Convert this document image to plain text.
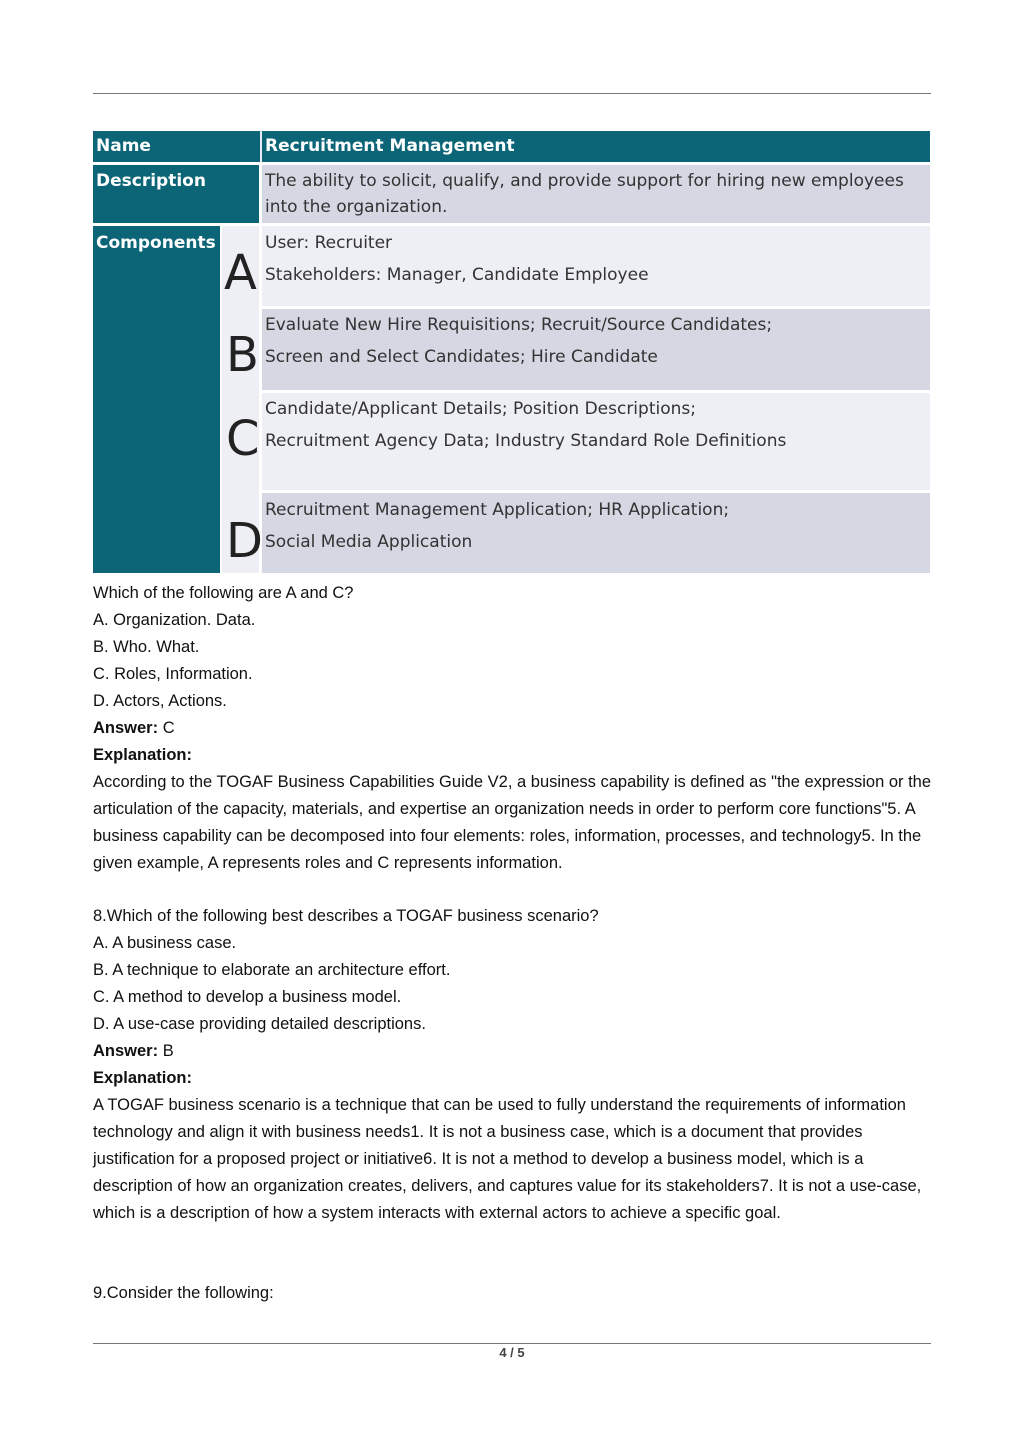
Name	Recruitment Management
Description	The ability to solicit, qualify, and provide support for hiring new employees
into the organization.
Components
A
User: Recruiter
Stakeholders: Manager, Candidate Employee
B
Evaluate New Hire Requisitions; Recruit/Source Candidates;
Screen and Select Candidates; Hire Candidate
C
Candidate/Applicant Details; Position Descriptions;
Recruitment Agency Data; Industry Standard Role Definitions
D
Recruitment Management Application; HR Application;
Social Media Application
Which of the following are A and C?
A. Organization. Data.
B. Who. What.
C. Roles, Information.
D. Actors, Actions.
Answer: C
Explanation:
According to the TOGAF Business Capabilities Guide V2, a business capability is defined as "the expression or the articulation of the capacity, materials, and expertise an organization needs in order to perform core functions"5. A business capability can be decomposed into four elements: roles, information, processes, and technology5. In the given example, A represents roles and C represents information.
8.Which of the following best describes a TOGAF business scenario?
A. A business case.
B. A technique to elaborate an architecture effort.
C. A method to develop a business model.
D. A use-case providing detailed descriptions.
Answer: B
Explanation:
A TOGAF business scenario is a technique that can be used to fully understand the requirements of information technology and align it with business needs1. It is not a business case, which is a document that provides justification for a proposed project or initiative6. It is not a method to develop a business model, which is a description of how an organization creates, delivers, and captures value for its stakeholders7. It is not a use-case, which is a description of how a system interacts with external actors to achieve a specific goal.
9.Consider the following:
4 / 5
